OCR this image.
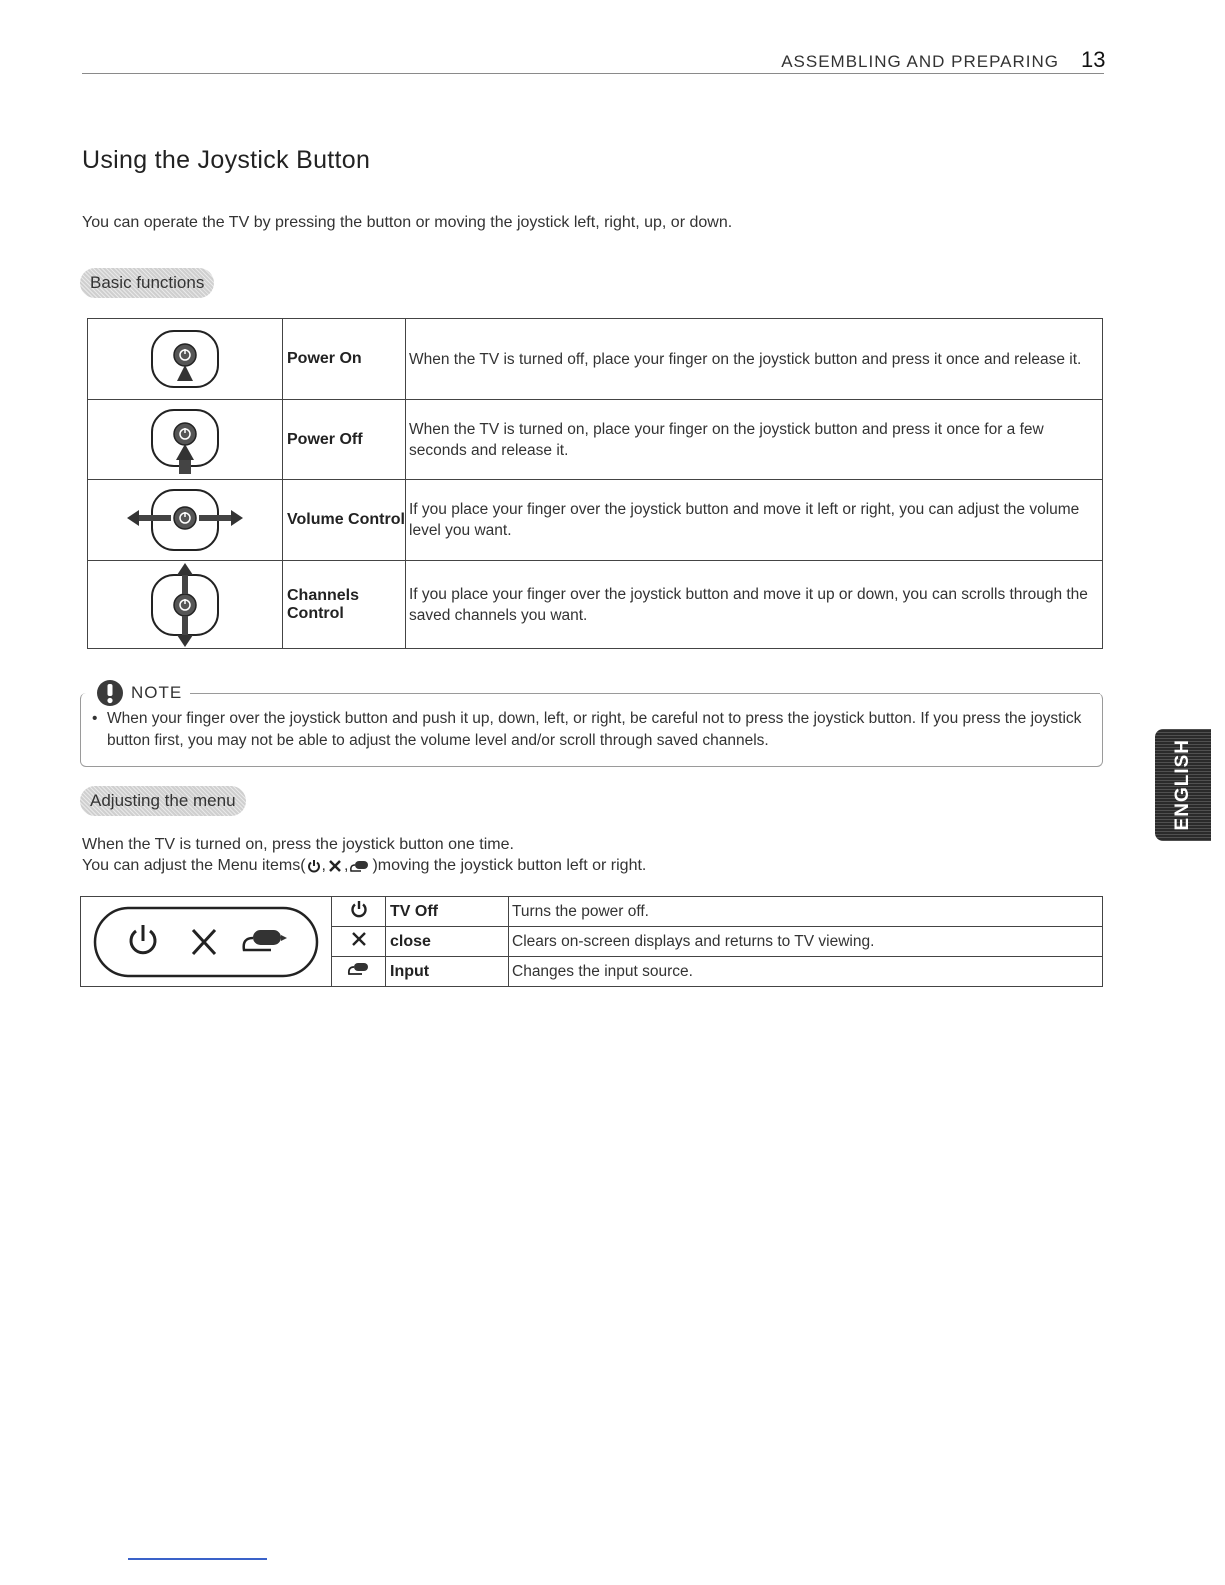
ASSEMBLING AND PREPARING 13
Using the Joystick Button
You can operate the TV by pressing the button or moving the joystick left, right, up, or down.
Basic functions
	Power On	When the TV is turned off, place your finger on the joystick button and press it once and release it.

	Power Off	When the TV is turned on, place your finger on the joystick button and press it once for a few seconds and release it.

	Volume Control	If you place your finger over the joystick button and move it left or right, you can adjust the volume level you want.

	Channels Control	If you place your finger over the joystick button and move it up or down, you can scrolls through the saved channels you want.
NOTE
• When your finger over the joystick button and push it up, down, left, or right, be careful not to press the joystick button. If you press the joystick button first, you may not be able to adjust the volume level and/or scroll through saved channels.
Adjusting the menu
When the TV is turned on, press the joystick button one time.
You can adjust the Menu items( , , )moving the joystick button left or right.
		TV Off	Turns the power off.
	close	Clears on-screen displays and returns to TV viewing.
	Input	Changes the input source.
ENGLISH
